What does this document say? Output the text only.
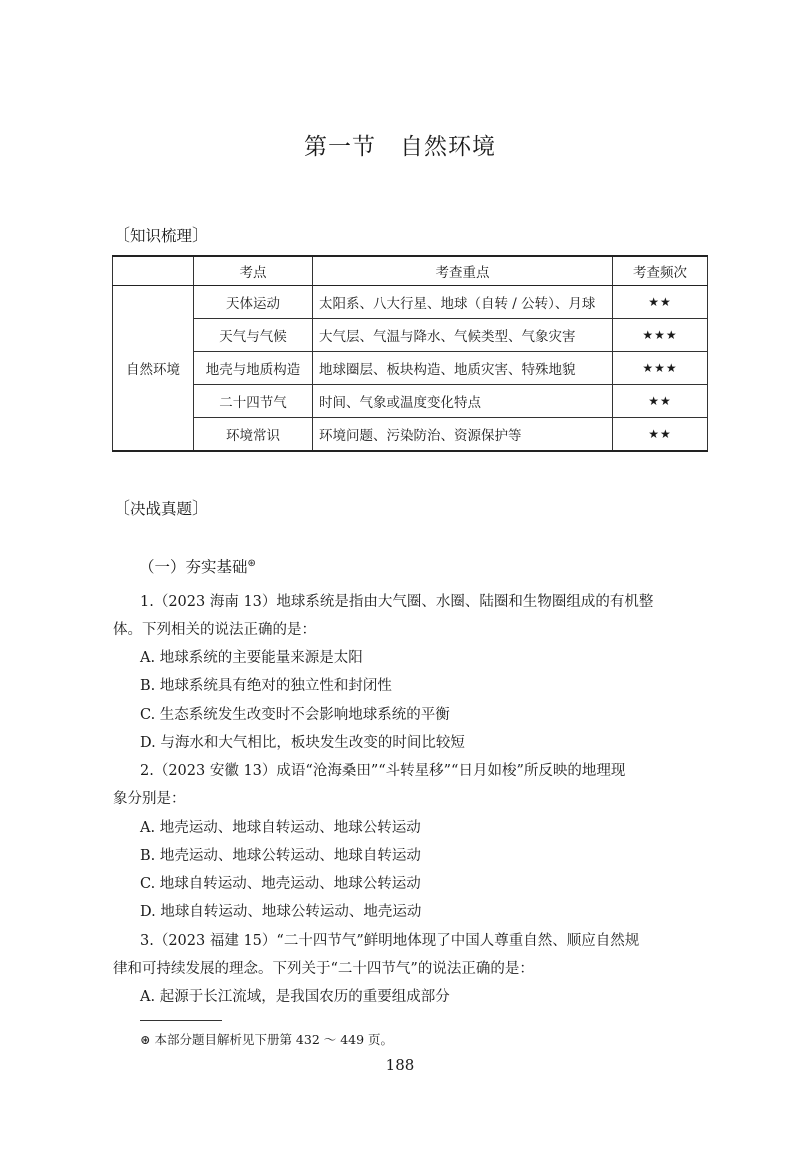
第一节　自然环境
〔知识梳理〕
	考点	考查重点	考查频次
自然环境	天体运动	太阳系、八大行星、地球（自转 / 公转）、月球	★★
	天气与气候	大气层、气温与降水、气候类型、气象灾害	★★★
	地壳与地质构造	地球圈层、板块构造、地质灾害、特殊地貌	★★★
	二十四节气	时间、气象或温度变化特点	★★
	环境常识	环境问题、污染防治、资源保护等	★★
〔决战真题〕
（一）夯实基础⊛
1.（2023 海南 13）地球系统是指由大气圈、水圈、陆圈和生物圈组成的有机整
体。下列相关的说法正确的是：
A. 地球系统的主要能量来源是太阳
B. 地球系统具有绝对的独立性和封闭性
C. 生态系统发生改变时不会影响地球系统的平衡
D. 与海水和大气相比，板块发生改变的时间比较短
2.（2023 安徽 13）成语“沧海桑田”“斗转星移”“日月如梭”所反映的地理现
象分别是：
A. 地壳运动、地球自转运动、地球公转运动
B. 地壳运动、地球公转运动、地球自转运动
C. 地球自转运动、地壳运动、地球公转运动
D. 地球自转运动、地球公转运动、地壳运动
3.（2023 福建 15）“二十四节气”鲜明地体现了中国人尊重自然、顺应自然规
律和可持续发展的理念。下列关于“二十四节气”的说法正确的是：
A. 起源于长江流域，是我国农历的重要组成部分
⊛ 本部分题目解析见下册第 432 ～ 449 页。
188
